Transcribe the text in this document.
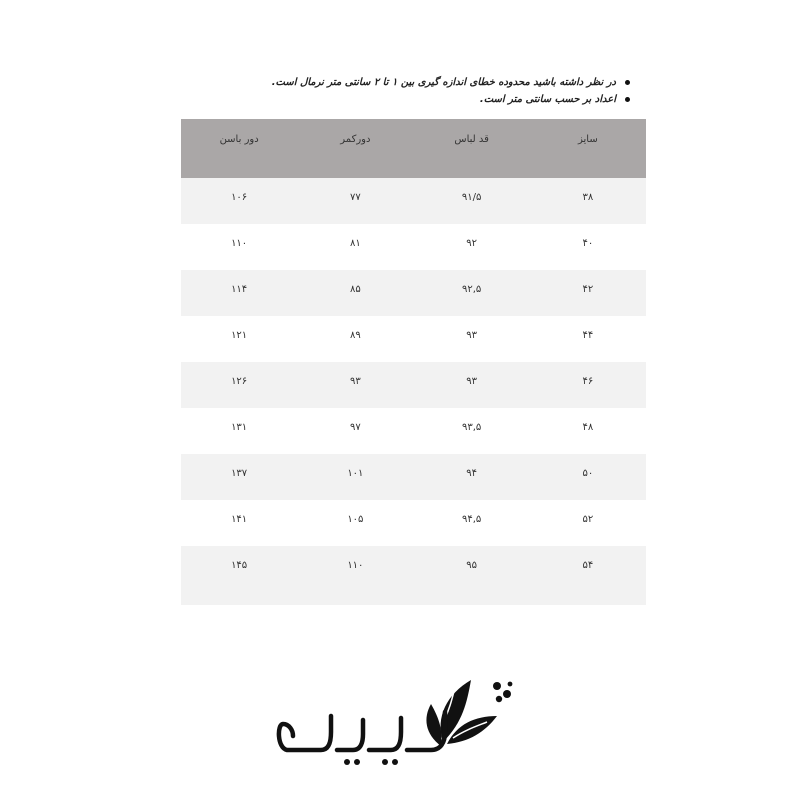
در نظر داشته باشید محدوده خطای اندازه گیری بین ۱ تا ۲ سانتی متر نرمال است.
اعداد بر حسب سانتی متر است.
سایز	قد لباس	دورکمر	دور باسن
۳۸	۹۱/۵	۷۷	۱۰۶
۴۰	۹۲	۸۱	۱۱۰
۴۲	۹۲,۵	۸۵	۱۱۴
۴۴	۹۳	۸۹	۱۲۱
۴۶	۹۳	۹۳	۱۲۶
۴۸	۹۳,۵	۹۷	۱۳۱
۵۰	۹۴	۱۰۱	۱۳۷
۵۲	۹۴,۵	۱۰۵	۱۴۱
۵۴	۹۵	۱۱۰	۱۴۵
لیلیان
